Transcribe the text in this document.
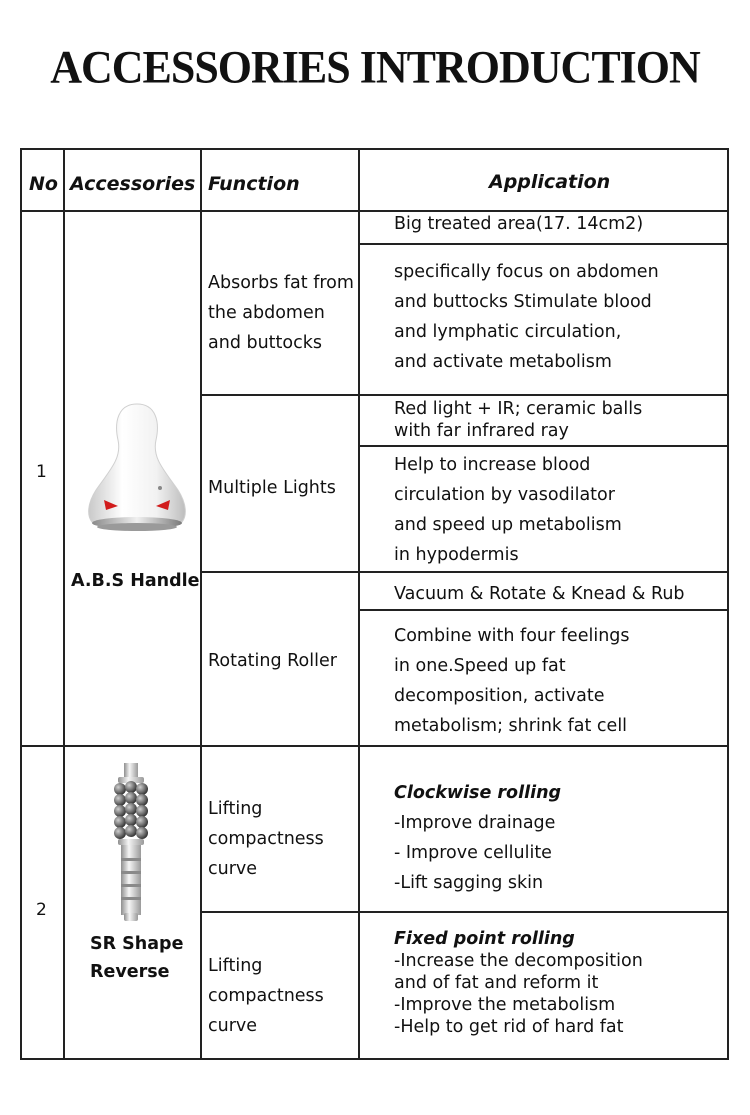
ACCESSORIES INTRODUCTION
No Accessories Function	Application
1
A.B.S Handle
Absorbs fat from
the abdomen
and buttocks
Big treated area(17. 14cm2)
specifically focus on abdomen
and buttocks Stimulate blood
and lymphatic circulation,
and activate metabolism
Multiple Lights
Red light + IR; ceramic balls
with far infrared ray
Help to increase blood
circulation by vasodilator
and speed up metabolism
in hypodermis
Rotating Roller
Vacuum & Rotate & Knead & Rub
Combine with four feelings
in one.Speed up fat
decomposition, activate
metabolism; shrink fat cell
2
SR Shape
Reverse
Lifting
compactness
curve
Clockwise rolling
-Improve drainage
- Improve cellulite
-Lift sagging skin
Lifting
compactness
curve
Fixed point rolling
-Increase the decomposition
and of fat and reform it
-Improve the metabolism
-Help to get rid of hard fat
